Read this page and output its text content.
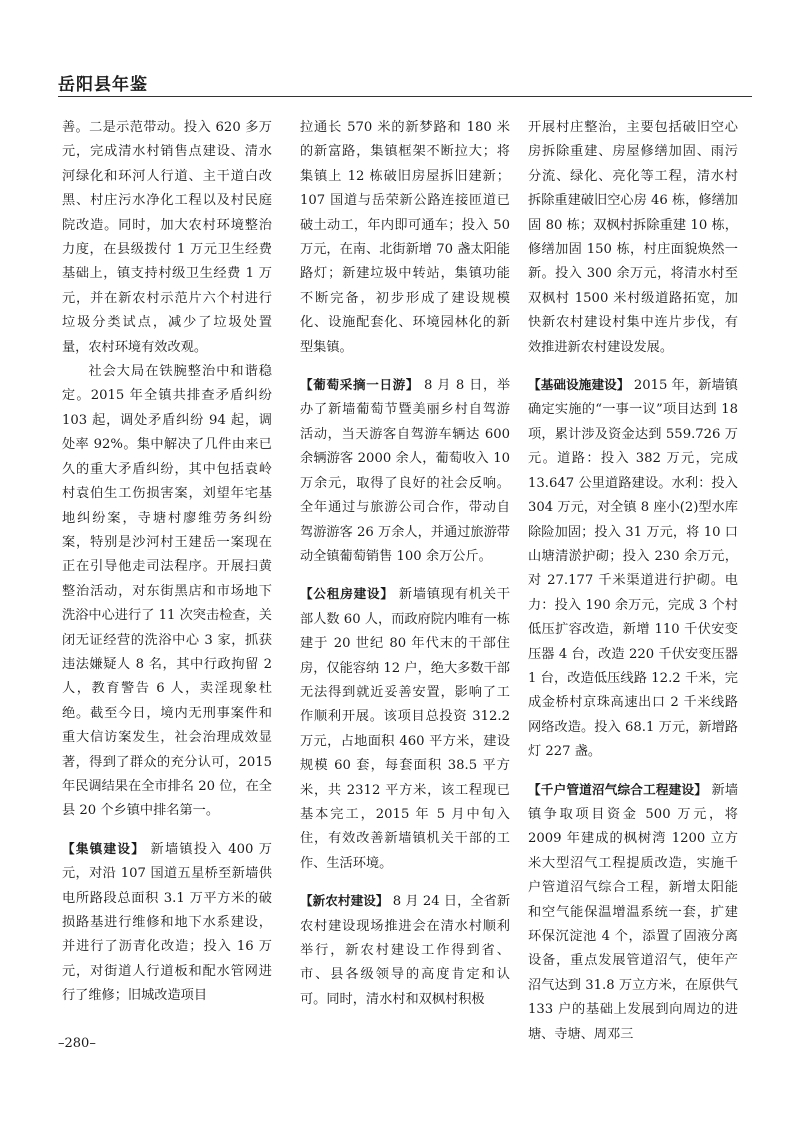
岳阳县年鉴

善。二是示范带动。投入 620 多万元，完成清水村销售点建设、清水河绿化和环河人行道、主干道白改黑、村庄污水净化工程以及村民庭院改造。同时，加大农村环境整治力度，在县级拨付 1 万元卫生经费基础上，镇支持村级卫生经费 1 万元，并在新农村示范片六个村进行垃圾分类试点，减少了垃圾处置量，农村环境有效改观。

社会大局在铁腕整治中和谐稳定。2015 年全镇共排查矛盾纠纷 103 起，调处矛盾纠纷 94 起，调处率 92%。集中解决了几件由来已久的重大矛盾纠纷，其中包括袁岭村袁伯生工伤损害案，刘望年宅基地纠纷案，寺塘村廖维劳务纠纷案，特别是沙河村王建岳一案现在正在引导他走司法程序。开展扫黄整治活动，对东街黑店和市场地下洗浴中心进行了 11 次突击检查，关闭无证经营的洗浴中心 3 家，抓获违法嫌疑人 8 名，其中行政拘留 2 人，教育警告 6 人，卖淫现象杜绝。截至今日，境内无刑事案件和重大信访案发生，社会治理成效显著，得到了群众的充分认可，2015 年民调结果在全市排名 20 位，在全县 20 个乡镇中排名第一。

【集镇建设】 新墙镇投入 400 万元，对沿 107 国道五星桥至新墙供电所路段总面积 3.1 万平方米的破损路基进行维修和地下水系建设，并进行了沥青化改造；投入 16 万元，对街道人行道板和配水管网进行了维修；旧城改造项目

拉通长 570 米的新梦路和 180 米的新富路，集镇框架不断拉大；将集镇上 12 栋破旧房屋拆旧建新；107 国道与岳荣新公路连接匝道已破土动工，年内即可通车；投入 50 万元，在南、北街新增 70 盏太阳能路灯；新建垃圾中转站，集镇功能不断完备，初步形成了建设规模化、设施配套化、环境园林化的新型集镇。

【葡萄采摘一日游】 8 月 8 日，举办了新墙葡萄节暨美丽乡村自驾游活动，当天游客自驾游车辆达 600 余辆游客 2000 余人，葡萄收入 10 万余元，取得了良好的社会反响。全年通过与旅游公司合作，带动自驾游游客 26 万余人，并通过旅游带动全镇葡萄销售 100 余万公斤。

【公租房建设】 新墙镇现有机关干部人数 60 人，而政府院内唯有一栋建于 20 世纪 80 年代末的干部住房，仅能容纳 12 户，绝大多数干部无法得到就近妥善安置，影响了工作顺利开展。该项目总投资 312.2 万元，占地面积 460 平方米，建设规模 60 套，每套面积 38.5 平方米，共 2312 平方米，该工程现已基本完工，2015 年 5 月中旬入住，有效改善新墙镇机关干部的工作、生活环境。

【新农村建设】 8 月 24 日，全省新农村建设现场推进会在清水村顺利举行，新农村建设工作得到省、市、县各级领导的高度肯定和认可。同时，清水村和双枫村积极

开展村庄整治，主要包括破旧空心房拆除重建、房屋修缮加固、雨污分流、绿化、亮化等工程，清水村拆除重建破旧空心房 46 栋，修缮加固 80 栋；双枫村拆除重建 10 栋，修缮加固 150 栋，村庄面貌焕然一新。投入 300 余万元，将清水村至双枫村 1500 米村级道路拓宽，加快新农村建设村集中连片步伐，有效推进新农村建设发展。

【基础设施建设】 2015 年，新墙镇确定实施的“一事一议”项目达到 18 项，累计涉及资金达到 559.726 万元。道路：投入 382 万元，完成 13.647 公里道路建设。水利：投入 304 万元，对全镇 8 座小(2)型水库除险加固；投入 31 万元，将 10 口山塘清淤护砌；投入 230 余万元，对 27.177 千米渠道进行护砌。电力：投入 190 余万元，完成 3 个村低压扩容改造，新增 110 千伏安变压器 4 台，改造 220 千伏安变压器 1 台，改造低压线路 12.2 千米，完成金桥村京珠高速出口 2 千米线路网络改造。投入 68.1 万元，新增路灯 227 盏。

【千户管道沼气综合工程建设】 新墙镇争取项目资金 500 万元，将 2009 年建成的枫树湾 1200 立方米大型沼气工程提质改造，实施千户管道沼气综合工程，新增太阳能和空气能保温增温系统一套，扩建环保沉淀池 4 个，添置了固液分离设备，重点发展管道沼气，使年产沼气达到 31.8 万立方米，在原供气 133 户的基础上发展到向周边的进塘、寺塘、周邓三

–280–
